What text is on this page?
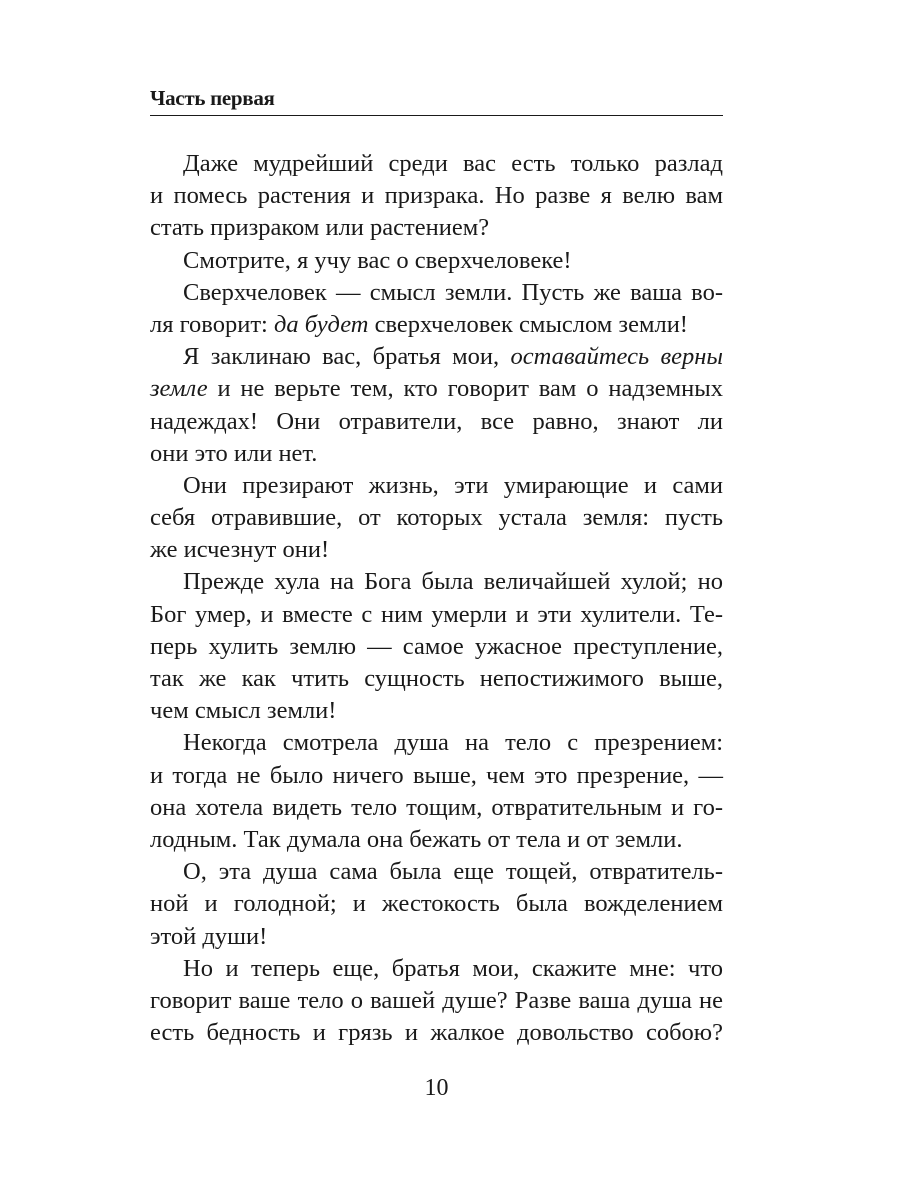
Часть первая
Даже мудрейший среди вас есть только разлад
и помесь растения и призрака. Но разве я велю вам
стать призраком или растением?
Смотрите, я учу вас о сверхчеловеке!
Сверхчеловек — смысл земли. Пусть же ваша во-
ля говорит: да будет сверхчеловек смыслом земли!
Я заклинаю вас, братья мои, оставайтесь верны
земле и не верьте тем, кто говорит вам о надземных
надеждах! Они отравители, все равно, знают ли
они это или нет.
Они презирают жизнь, эти умирающие и сами
себя отравившие, от которых устала земля: пусть
же исчезнут они!
Прежде хула на Бога была величайшей хулой; но
Бог умер, и вместе с ним умерли и эти хулители. Те-
перь хулить землю — самое ужасное преступление,
так же как чтить сущность непостижимого выше,
чем смысл земли!
Некогда смотрела душа на тело с презрением:
и тогда не было ничего выше, чем это презрение, —
она хотела видеть тело тощим, отвратительным и го-
лодным. Так думала она бежать от тела и от земли.
О, эта душа сама была еще тощей, отвратитель-
ной и голодной; и жестокость была вожделением
этой души!
Но и теперь еще, братья мои, скажите мне: что
говорит ваше тело о вашей душе? Разве ваша душа не
есть бедность и грязь и жалкое довольство собою?
10
